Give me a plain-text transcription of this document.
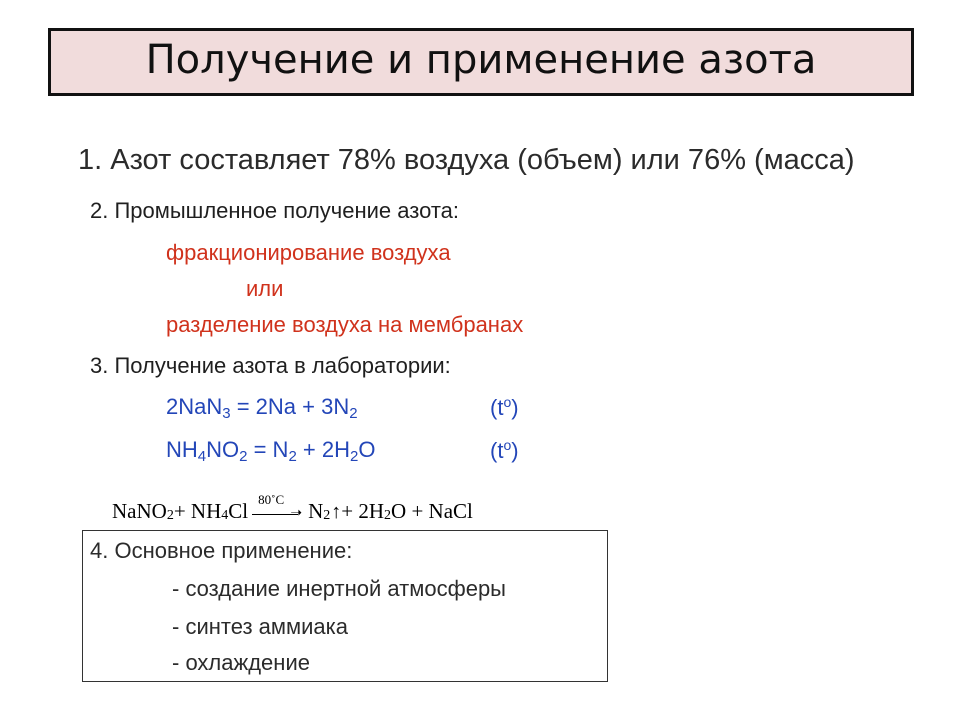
Получение и применение азота
1. Азот составляет 78% воздуха (объем) или 76% (масса)
2. Промышленное получение азота:
фракционирование воздуха
или
разделение воздуха на мембранах
3. Получение азота в лаборатории:
$2NaN_3 = 2Na + 3N_2$	$(t^o)$
$NH_4NO_2 = N_2 + 2H_2O$	$(t^o)$
NaNO$_2$ + $NH_4$ Cl 80˚C
➝ $N_2$ ↑ + $2H_2$ O + NaCl
4. Основное применение:
- создание инертной атмосферы
- синтез аммиака
- охлаждение
